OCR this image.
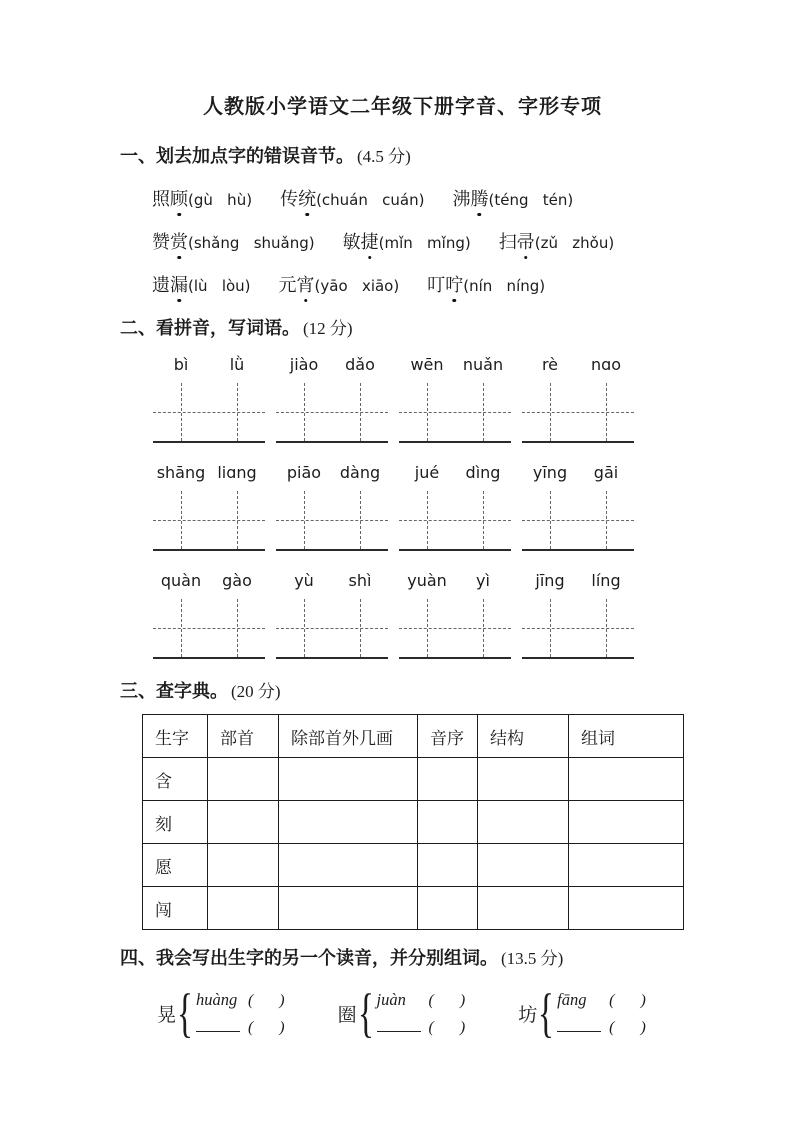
人教版小学语文二年级下册字音、字形专项
一、划去加点字的错误音节。 (4.5 分)
照顾(gù   hù) 传统(chuán   cuán) 沸腾(téng   tén)
赞赏(shǎng   shuǎng) 敏捷(mǐn   mǐng) 扫帚(zǔ   zhǒu)
遗漏(lù   lòu) 元宵(yāo   xiāo) 叮咛(nín   níng)
二、看拼音，写词语。 (12 分)
bì	lǜ	jiào	dǎo	wēn	nuǎn	rè	nɑo
shāng liɑng	piāo	dàng	jué	dìng	yīng	gāi
quàn	gào	yù	shì	yuàn	yì	jīng	líng
三、查字典。 (20 分)
生字	部首	除部首外几画	音序	结构	组词
含					
刻					
愿					
闯					
四、我会写出生字的另一个读音，并分别组词。 (13.5 分)
晃 { huàng (     )
(     )
圈 { juàn (     )
(     )
坊 { fāng (     )
(     )
